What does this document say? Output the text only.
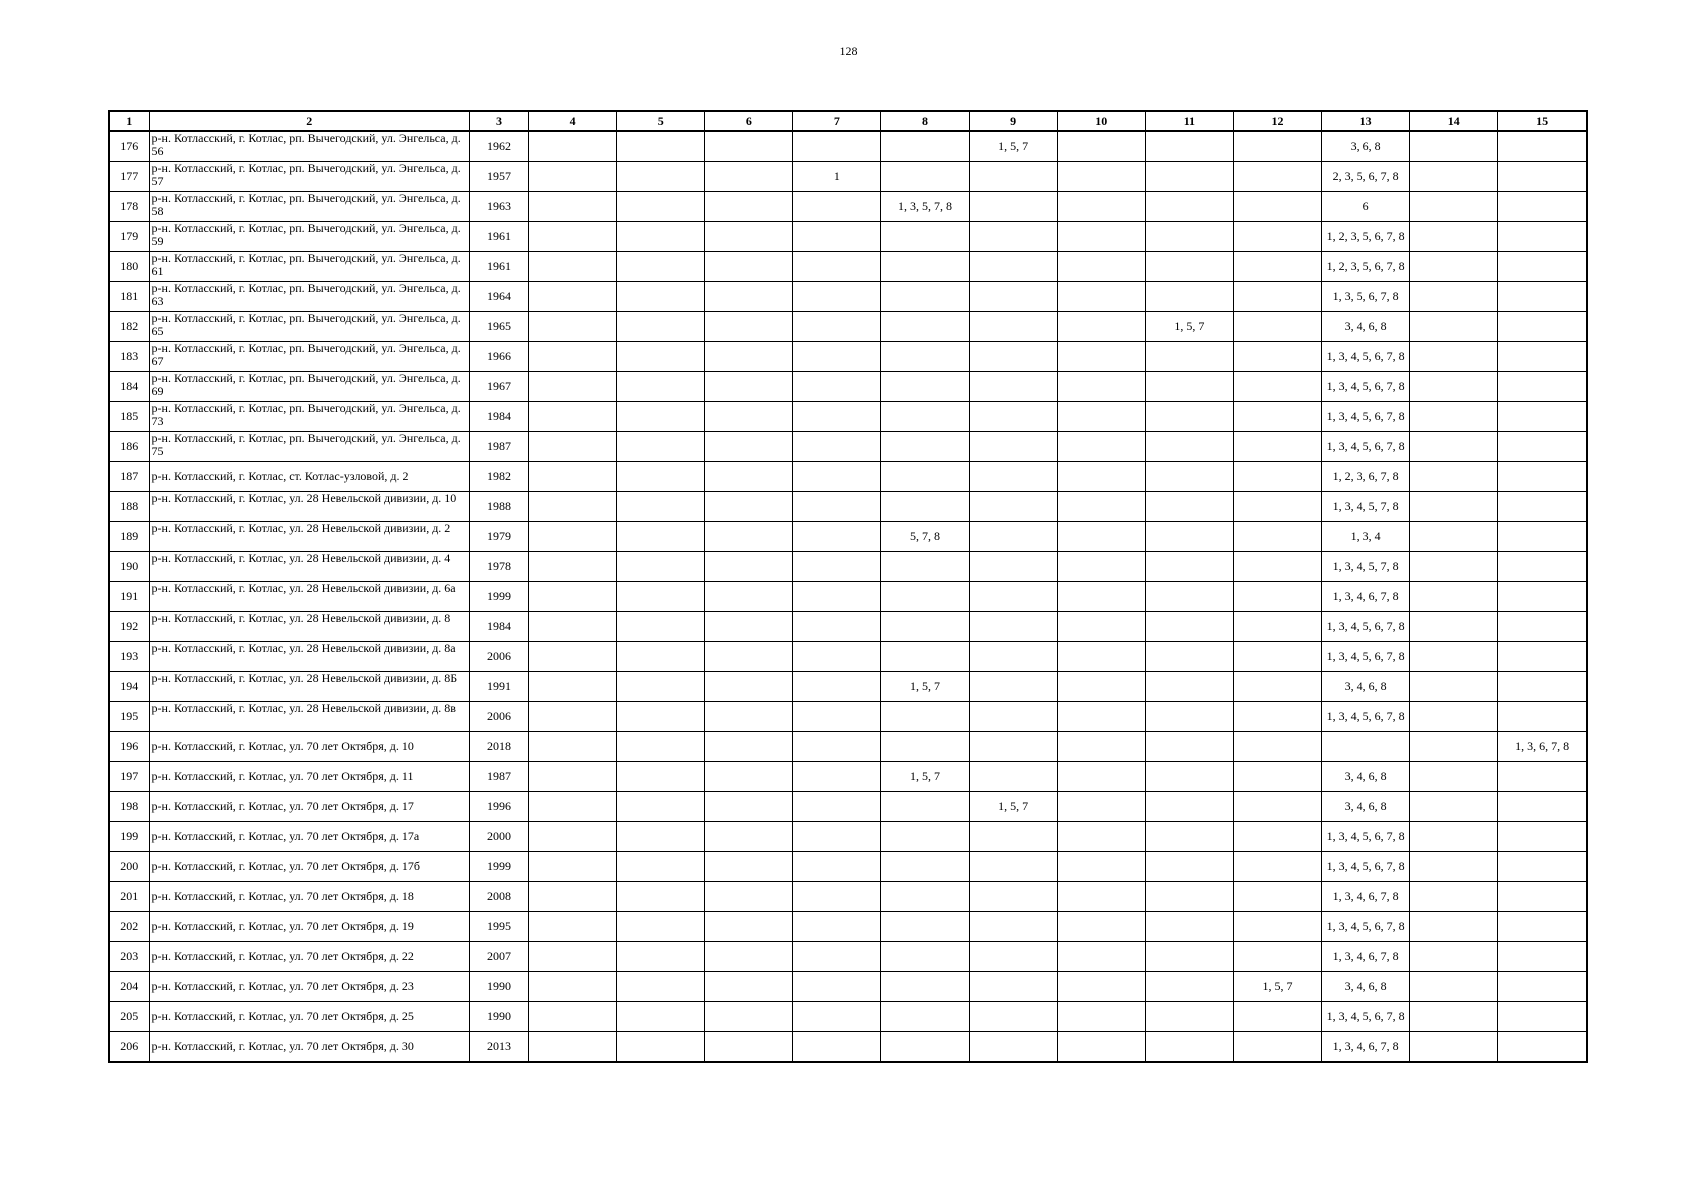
128
1	2	3	4	5	6	7	8	9	10	11	12	13	14	15
176	р-н. Котласский, г. Котлас, рп. Вычегодский, ул. Энгельса, д. 56	1962						1, 5, 7				3, 6, 8		
177	р-н. Котласский, г. Котлас, рп. Вычегодский, ул. Энгельса, д. 57	1957				1						2, 3, 5, 6, 7, 8		
178	р-н. Котласский, г. Котлас, рп. Вычегодский, ул. Энгельса, д. 58	1963					1, 3, 5, 7, 8					6		
179	р-н. Котласский, г. Котлас, рп. Вычегодский, ул. Энгельса, д. 59	1961										1, 2, 3, 5, 6, 7, 8		
180	р-н. Котласский, г. Котлас, рп. Вычегодский, ул. Энгельса, д. 61	1961										1, 2, 3, 5, 6, 7, 8		
181	р-н. Котласский, г. Котлас, рп. Вычегодский, ул. Энгельса, д. 63	1964										1, 3, 5, 6, 7, 8		
182	р-н. Котласский, г. Котлас, рп. Вычегодский, ул. Энгельса, д. 65	1965								1, 5, 7		3, 4, 6, 8		
183	р-н. Котласский, г. Котлас, рп. Вычегодский, ул. Энгельса, д. 67	1966										1, 3, 4, 5, 6, 7, 8		
184	р-н. Котласский, г. Котлас, рп. Вычегодский, ул. Энгельса, д. 69	1967										1, 3, 4, 5, 6, 7, 8		
185	р-н. Котласский, г. Котлас, рп. Вычегодский, ул. Энгельса, д. 73	1984										1, 3, 4, 5, 6, 7, 8		
186	р-н. Котласский, г. Котлас, рп. Вычегодский, ул. Энгельса, д. 75	1987										1, 3, 4, 5, 6, 7, 8		
187	р-н. Котласский, г. Котлас, ст. Котлас-узловой, д. 2	1982										1, 2, 3, 6, 7, 8		
188	р-н. Котласский, г. Котлас, ул. 28 Невельской дивизии, д. 10	1988										1, 3, 4, 5, 7, 8		
189	р-н. Котласский, г. Котлас, ул. 28 Невельской дивизии, д. 2	1979					5, 7, 8					1, 3, 4		
190	р-н. Котласский, г. Котлас, ул. 28 Невельской дивизии, д. 4	1978										1, 3, 4, 5, 7, 8		
191	р-н. Котласский, г. Котлас, ул. 28 Невельской дивизии, д. 6а	1999										1, 3, 4, 6, 7, 8		
192	р-н. Котласский, г. Котлас, ул. 28 Невельской дивизии, д. 8	1984										1, 3, 4, 5, 6, 7, 8		
193	р-н. Котласский, г. Котлас, ул. 28 Невельской дивизии, д. 8а	2006										1, 3, 4, 5, 6, 7, 8		
194	р-н. Котласский, г. Котлас, ул. 28 Невельской дивизии, д. 8Б	1991					1, 5, 7					3, 4, 6, 8		
195	р-н. Котласский, г. Котлас, ул. 28 Невельской дивизии, д. 8в	2006										1, 3, 4, 5, 6, 7, 8		
196	р-н. Котласский, г. Котлас, ул. 70 лет Октября, д. 10	2018												1, 3, 6, 7, 8
197	р-н. Котласский, г. Котлас, ул. 70 лет Октября, д. 11	1987					1, 5, 7					3, 4, 6, 8		
198	р-н. Котласский, г. Котлас, ул. 70 лет Октября, д. 17	1996						1, 5, 7				3, 4, 6, 8		
199	р-н. Котласский, г. Котлас, ул. 70 лет Октября, д. 17а	2000										1, 3, 4, 5, 6, 7, 8		
200	р-н. Котласский, г. Котлас, ул. 70 лет Октября, д. 17б	1999										1, 3, 4, 5, 6, 7, 8		
201	р-н. Котласский, г. Котлас, ул. 70 лет Октября, д. 18	2008										1, 3, 4, 6, 7, 8		
202	р-н. Котласский, г. Котлас, ул. 70 лет Октября, д. 19	1995										1, 3, 4, 5, 6, 7, 8		
203	р-н. Котласский, г. Котлас, ул. 70 лет Октября, д. 22	2007										1, 3, 4, 6, 7, 8		
204	р-н. Котласский, г. Котлас, ул. 70 лет Октября, д. 23	1990									1, 5, 7	3, 4, 6, 8		
205	р-н. Котласский, г. Котлас, ул. 70 лет Октября, д. 25	1990										1, 3, 4, 5, 6, 7, 8		
206	р-н. Котласский, г. Котлас, ул. 70 лет Октября, д. 30	2013										1, 3, 4, 6, 7, 8		
